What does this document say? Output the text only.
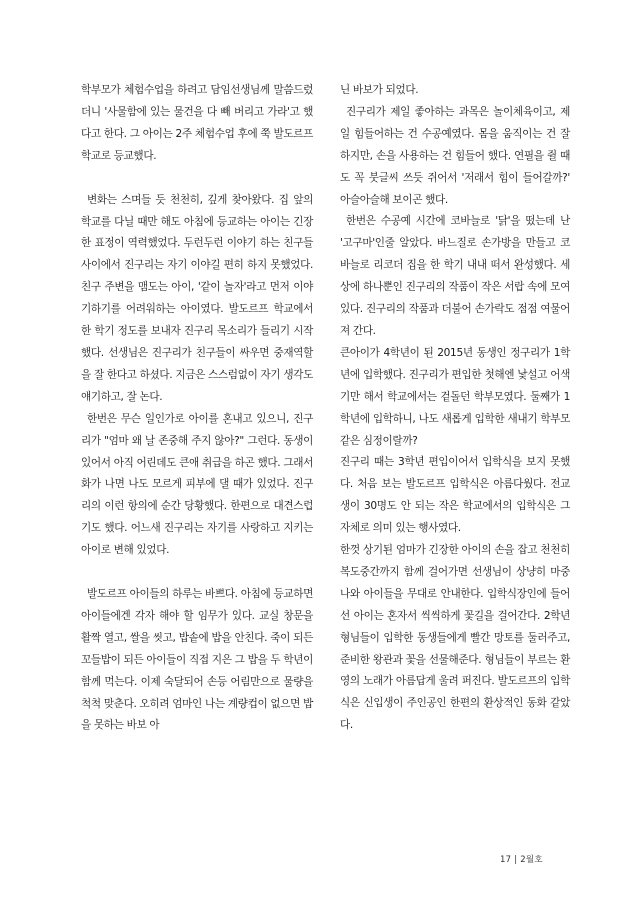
학부모가 체험수업을 하려고 담임선생님께 말씀드렸더니 '사물함에 있는 물건을 다 빼 버리고 가라'고 했다고 한다. 그 아이는 2주 체험수업 후에 쭉 발도르프 학교로 등교했다.

변화는 스며들 듯 천천히, 깊게 찾아왔다. 집 앞의 학교를 다닐 때만 해도 아침에 등교하는 아이는 긴장한 표정이 역력했었다. 두런두런 이야기 하는 친구들 사이에서 진구리는 자기 이야길 편히 하지 못했었다. 친구 주변을 맴도는 아이, '같이 놀자'라고 먼저 이야기하기를 어려워하는 아이였다. 발도르프 학교에서 한 학기 정도를 보내자 진구리 목소리가 들리기 시작했다. 선생님은 진구리가 친구들이 싸우면 중재역할을 잘 한다고 하셨다. 지금은 스스럼없이 자기 생각도 얘기하고, 잘 논다.

한번은 무슨 일인가로 아이를 혼내고 있으니, 진구리가 "엄마 왜 날 존중해 주지 않아?" 그런다. 동생이 있어서 아직 어린데도 큰애 취급을 하곤 했다. 그래서 화가 나면 나도 모르게 피부에 댈 때가 있었다. 진구리의 이런 항의에 순간 당황했다. 한편으로 대견스럽기도 했다. 어느새 진구리는 자기를 사랑하고 지키는 아이로 변해 있었다.

발도르프 아이들의 하루는 바쁘다. 아침에 등교하면 아이들에겐 각자 해야 할 임무가 있다. 교실 창문을 활짝 열고, 쌀을 씻고, 밥솥에 밥을 안친다. 죽이 되든 꼬들밥이 되든 아이들이 직접 지은 그 밥을 두 학년이 함께 먹는다. 이제 숙달되어 손등 어림만으로 물량을 척척 맞춘다. 오히려 엄마인 나는 계량컵이 없으면 밥을 못하는 바보 아

닌 바보가 되었다.

진구리가 제일 좋아하는 과목은 놀이체육이고, 제일 힘들어하는 건 수공예였다. 몸을 움직이는 건 잘하지만, 손을 사용하는 건 힘들어 했다. 연필을 쥘 때도 꼭 붓글씨 쓰듯 쥐어서 '저래서 힘이 들어갈까?' 아슬아슬해 보이곤 했다.

한번은 수공예 시간에 코바늘로 '닭'을 떴는데 난 '고구마'인줄 알았다. 바느질로 손가방을 만들고 코바늘로 리코더 집을 한 학기 내내 떠서 완성했다. 세상에 하나뿐인 진구리의 작품이 작은 서랍 속에 모여 있다. 진구리의 작품과 더불어 손가락도 점점 여물어져 간다.

큰아이가 4학년이 된 2015년 동생인 정구리가 1학년에 입학했다. 진구리가 편입한 첫해엔 낯설고 어색기만 해서 학교에서는 겉돌던 학부모였다. 둘째가 1학년에 입학하니, 나도 새롭게 입학한 새내기 학부모 같은 심정이랄까?

진구리 때는 3학년 편입이어서 입학식을 보지 못했다. 처음 보는 발도르프 입학식은 아름다웠다. 전교생이 30명도 안 되는 작은 학교에서의 입학식은 그 자체로 의미 있는 행사였다.

한껏 상기된 엄마가 긴장한 아이의 손을 잡고 천천히 복도중간까지 함께 걸어가면 선생님이 상냥히 마중 나와 아이들을 무대로 안내한다. 입학식장인에 들어선 아이는 혼자서 씩씩하게 꽃길을 걸어간다. 2학년 형님들이 입학한 동생들에게 빨간 망토를 둘러주고, 준비한 왕관과 꽃을 선물해준다. 형님들이 부르는 환영의 노래가 아름답게 울려 퍼진다. 발도르프의 입학식은 신입생이 주인공인 한편의 환상적인 동화 같았다.

17 | 2월호
